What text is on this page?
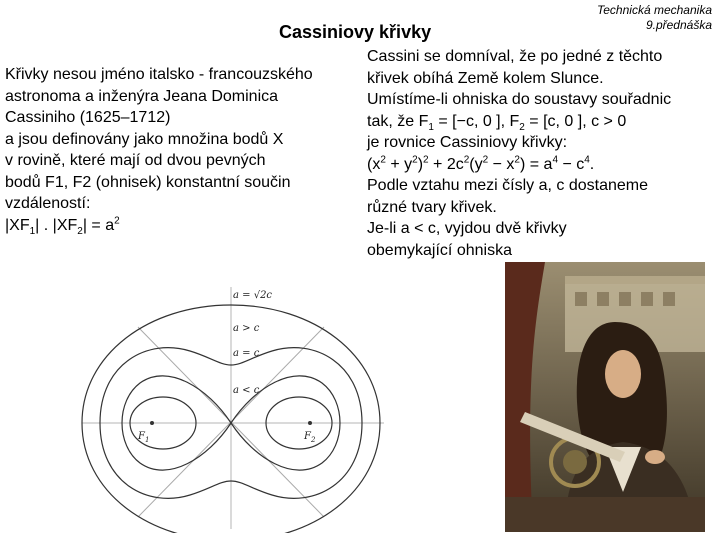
Technická mechanika
9.přednáška
Cassiniovy křivky
Křivky nesou jméno italsko - francouzského
astronoma a inženýra Jeana Dominica
Cassiniho (1625–1712)
a jsou definovány jako množina bodů X
v rovině, které mají od dvou pevných
bodů F1, F2 (ohnisek) konstantní součin
vzdáleností:
$|XF_1|$ . $|XF_2| = a^2$
Cassini se domníval, že po jedné z těchto
křivek obíhá Země kolem Slunce.
Umístíme-li ohniska do soustavy souřadnic
tak, že $F_1 = [-c$, 0 ], $F_2 = [c$, 0 ], c > 0
je rovnice Cassiniovy křivky:
$(x^2 + y^2)^2 + 2c^2(y^2 - x^2) = a^4 - c^4$.
Podle vztahu mezi čísly a, c dostaneme
různé tvary křivek.
Je-li a < c, vyjdou dvě křivky
obemykající ohniska
a = √2c
a > c
a = c
a < c
$F_1$	$F_2$
